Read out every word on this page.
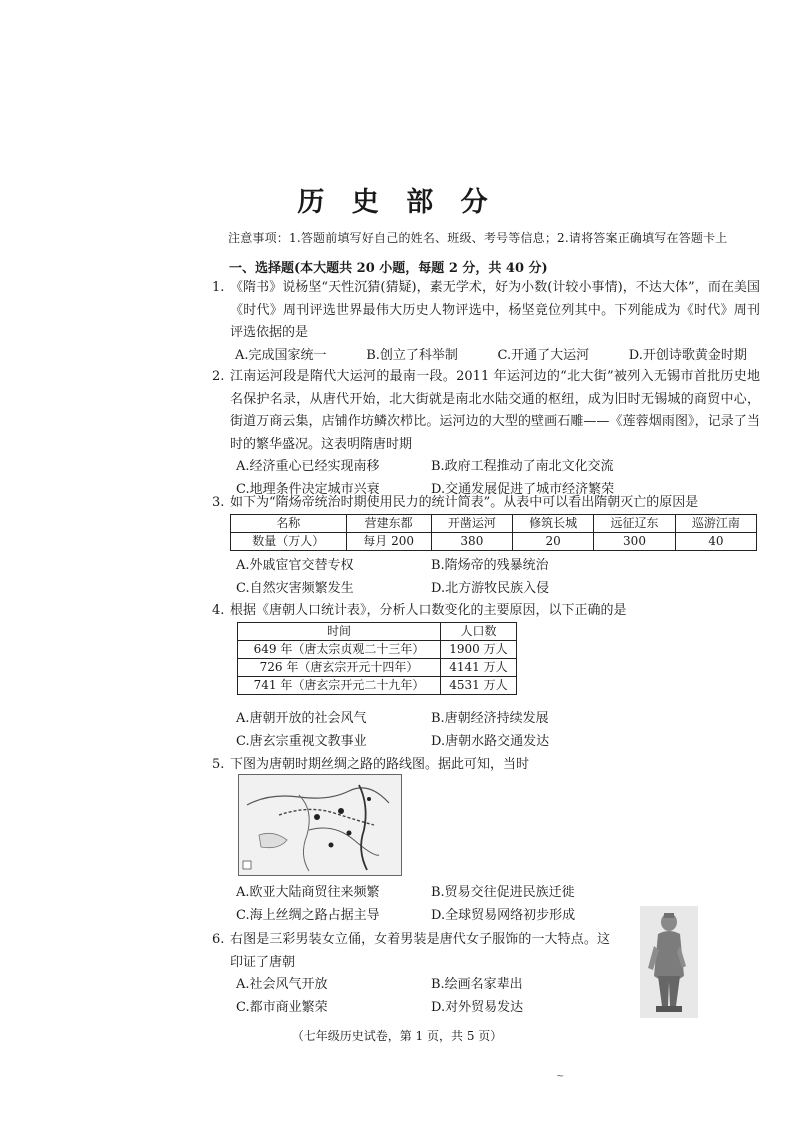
历 史 部 分
注意事项：1.答题前填写好自己的姓名、班级、考号等信息；2.请将答案正确填写在答题卡上
一、选择题(本大题共 20 小题，每题 2 分，共 40 分)
1. 《隋书》说杨坚“天性沉猜(猜疑)，素无学术，好为小数(计较小事情)，不达大体”，而在美国《时代》周刊评选世界最伟大历史人物评选中，杨坚竟位列其中。下列能成为《时代》周刊评选依据的是
A.完成国家统一	B.创立了科举制	C.开通了大运河	D.开创诗歌黄金时期
2. 江南运河段是隋代大运河的最南一段。2011 年运河边的“北大街”被列入无锡市首批历史地名保护名录，从唐代开始，北大街就是南北水陆交通的枢纽，成为旧时无锡城的商贸中心，街道万商云集，店铺作坊鳞次栉比。运河边的大型的壁画石雕——《莲蓉烟雨图》，记录了当时的繁华盛况。这表明隋唐时期
A.经济重心已经实现南移	B.政府工程推动了南北文化交流
C.地理条件决定城市兴衰	D.交通发展促进了城市经济繁荣
3. 如下为“隋炀帝统治时期使用民力的统计简表”。从表中可以看出隋朝灭亡的原因是
名称	营建东都	开凿运河	修筑长城	远征辽东	巡游江南
数量（万人）	每月 200	380	20	300	40
A.外戚宦官交替专权	B.隋炀帝的残暴统治
C.自然灾害频繁发生	D.北方游牧民族入侵
4. 根据《唐朝人口统计表》，分析人口数变化的主要原因，以下正确的是
时间	人口数
649 年（唐太宗贞观二十三年）	1900 万人
726 年（唐玄宗开元十四年）	4141 万人
741 年（唐玄宗开元二十九年）	4531 万人
A.唐朝开放的社会风气	B.唐朝经济持续发展
C.唐玄宗重视文教事业	D.唐朝水路交通发达
5. 下图为唐朝时期丝绸之路的路线图。据此可知，当时
A.欧亚大陆商贸往来频繁	B.贸易交往促进民族迁徙
C.海上丝绸之路占据主导	D.全球贸易网络初步形成
6. 右图是三彩男装女立俑，女着男装是唐代女子服饰的一大特点。这印证了唐朝
A.社会风气开放	B.绘画名家辈出
C.都市商业繁荣	D.对外贸易发达
（七年级历史试卷，第 1 页，共 5 页）
~
